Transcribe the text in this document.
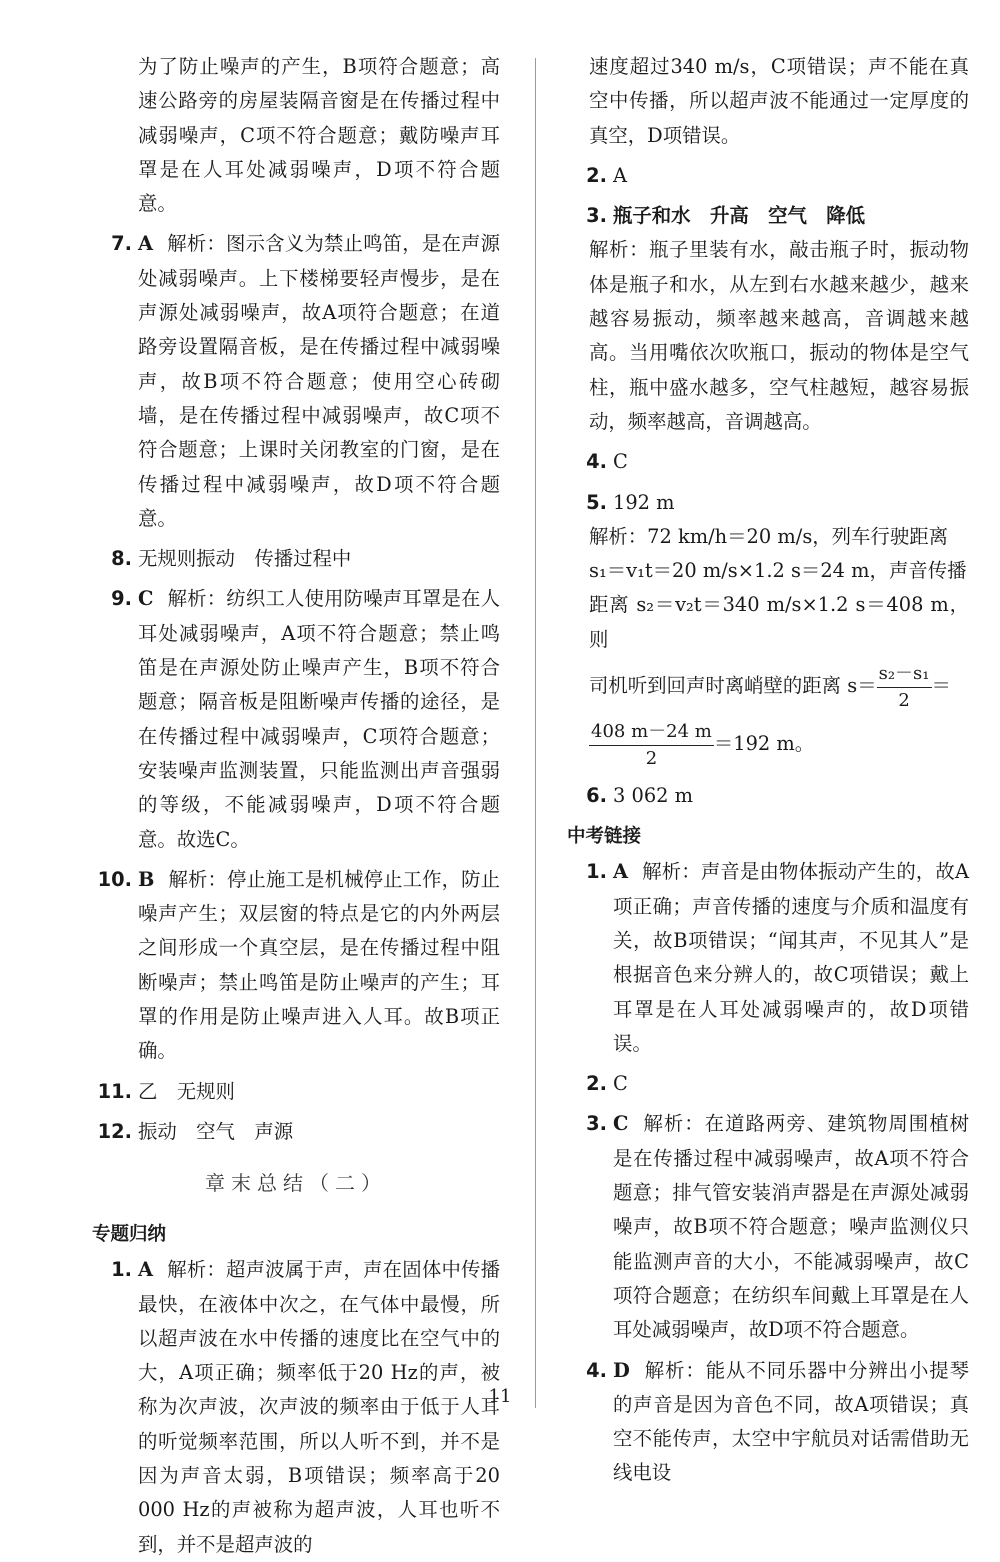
为了防止噪声的产生，B项符合题意；高速公路旁的房屋装隔音窗是在传播过程中减弱噪声，C项不符合题意；戴防噪声耳罩是在人耳处减弱噪声，D项不符合题意。
7. A 解析：图示含义为禁止鸣笛，是在声源处减弱噪声。上下楼梯要轻声慢步，是在声源处减弱噪声，故A项符合题意；在道路旁设置隔音板，是在传播过程中减弱噪声，故B项不符合题意；使用空心砖砌墙，是在传播过程中减弱噪声，故C项不符合题意；上课时关闭教室的门窗，是在传播过程中减弱噪声，故D项不符合题意。
8. 无规则振动　传播过程中
9. C 解析：纺织工人使用防噪声耳罩是在人耳处减弱噪声，A项不符合题意；禁止鸣笛是在声源处防止噪声产生，B项不符合题意；隔音板是阻断噪声传播的途径，是在传播过程中减弱噪声，C项符合题意；安装噪声监测装置，只能监测出声音强弱的等级，不能减弱噪声，D项不符合题意。故选C。
10. B 解析：停止施工是机械停止工作，防止噪声产生；双层窗的特点是它的内外两层之间形成一个真空层，是在传播过程中阻断噪声；禁止鸣笛是防止噪声的产生；耳罩的作用是防止噪声进入人耳。故B项正确。
11. 乙　无规则
12. 振动　空气　声源
章末总结（二）
专题归纳
1. A 解析：超声波属于声，声在固体中传播最快，在液体中次之，在气体中最慢，所以超声波在水中传播的速度比在空气中的大，A项正确；频率低于20 Hz的声，被称为次声波，次声波的频率由于低于人耳的听觉频率范围，所以人听不到，并不是因为声音太弱，B项错误；频率高于20 000 Hz的声被称为超声波，人耳也听不到，并不是超声波的
速度超过340 m/s，C项错误；声不能在真空中传播，所以超声波不能通过一定厚度的真空，D项错误。
2. A
3. 瓶子和水　升高　空气　降低
解析：瓶子里装有水，敲击瓶子时，振动物体是瓶子和水，从左到右水越来越少，越来越容易振动，频率越来越高，音调越来越高。当用嘴依次吹瓶口，振动的物体是空气柱，瓶中盛水越多，空气柱越短，越容易振动，频率越高，音调越高。
4. C
5. 192 m
解析：72 km/h＝20 m/s，列车行驶距离
s₁＝v₁t＝20 m/s×1.2 s＝24 m，声音传播
距离 s₂＝v₂t＝340 m/s×1.2 s＝408 m，则
司机听到回声时离峭壁的距离 $s= \frac{\text{s₂－s₁}}{2}=$
$\frac{408 m-24 m}{2}=192$ m。
6. 3 062 m
中考链接
1. A 解析：声音是由物体振动产生的，故A项正确；声音传播的速度与介质和温度有关，故B项错误；“闻其声，不见其人”是根据音色来分辨人的，故C项错误；戴上耳罩是在人耳处减弱噪声的，故D项错误。
2. C
3. C 解析：在道路两旁、建筑物周围植树是在传播过程中减弱噪声，故A项不符合题意；排气管安装消声器是在声源处减弱噪声，故B项不符合题意；噪声监测仪只能监测声音的大小，不能减弱噪声，故C项符合题意；在纺织车间戴上耳罩是在人耳处减弱噪声，故D项不符合题意。
4. D 解析：能从不同乐器中分辨出小提琴的声音是因为音色不同，故A项错误；真空不能传声，太空中宇航员对话需借助无线电设
11
